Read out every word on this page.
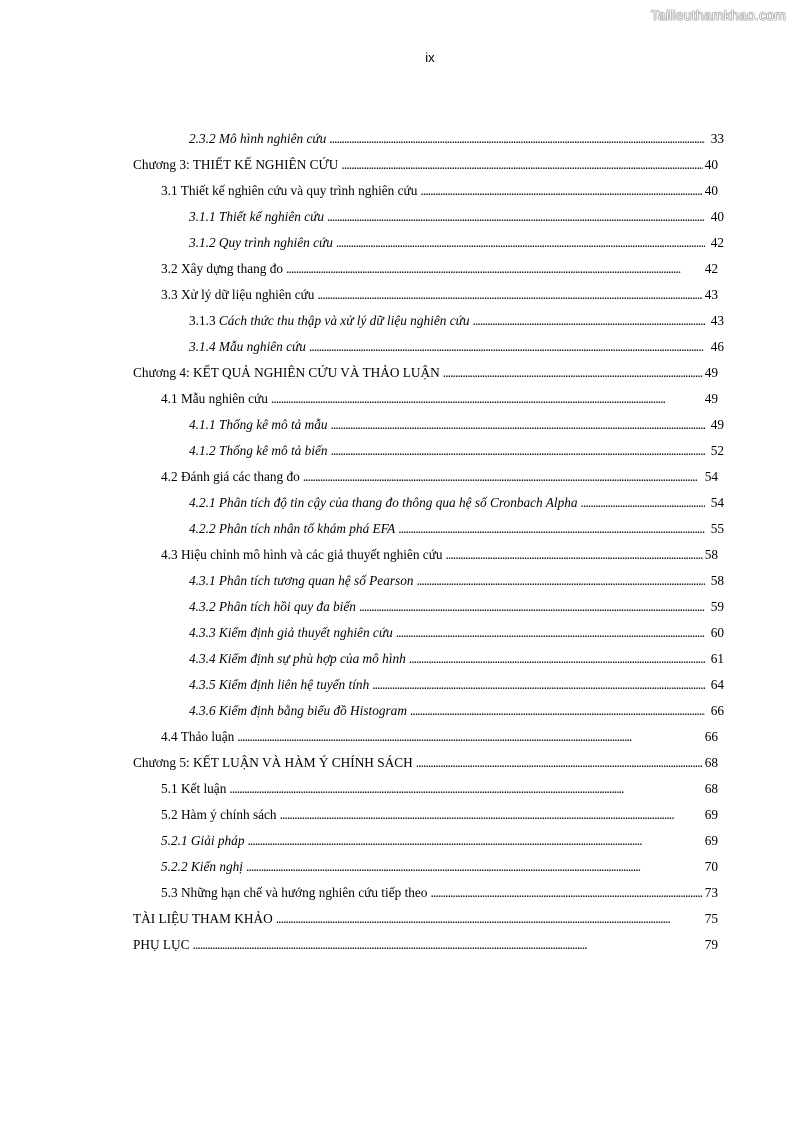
Tailieuthamkhao.com
ix
2.3.2 Mô hình nghiên cứu . . .	33
Chương 3: THIẾT KẾ NGHIÊN CỨU . . .	40
3.1 Thiết kế nghiên cứu và quy trình nghiên cứu . . .	40
3.1.1 Thiết kế nghiên cứu . . .	40
3.1.2 Quy trình nghiên cứu . . .	42
3.2 Xây dựng thang đo . . .	42
3.3 Xử lý dữ liệu nghiên cứu . . .	43
3.1.3 Cách thức thu thập và xử lý dữ liệu nghiên cứu . . .	43
3.1.4 Mẫu nghiên cứu . . .	46
Chương 4: KẾT QUẢ NGHIÊN CỨU VÀ THẢO LUẬN . . .	49
4.1 Mẫu nghiên cứu . . .	49
4.1.1 Thống kê mô tả mẫu . . .	49
4.1.2 Thống kê mô tả biến . . .	52
4.2 Đánh giá các thang đo . . .	54
4.2.1 Phân tích độ tin cậy của thang đo thông qua hệ số Cronbach Alpha . . .	54
4.2.2 Phân tích nhân tố khám phá EFA . . .	55
4.3 Hiệu chỉnh mô hình và các giả thuyết nghiên cứu . . .	58
4.3.1 Phân tích tương quan hệ số Pearson . . .	58
4.3.2 Phân tích hồi quy đa biến . . .	59
4.3.3 Kiểm định giả thuyết nghiên cứu . . .	60
4.3.4 Kiểm định sự phù hợp của mô hình . . .	61
4.3.5 Kiểm định liên hệ tuyến tính . . .	64
4.3.6 Kiểm định bằng biểu đồ Histogram . . .	66
4.4 Thảo luận . . .	66
Chương 5: KẾT LUẬN VÀ HÀM Ý CHÍNH SÁCH . . .	68
5.1 Kết luận . . .	68
5.2 Hàm ý chính sách . . .	69
5.2.1 Giải pháp . . .	69
5.2.2 Kiến nghị . . .	70
5.3 Những hạn chế và hướng nghiên cứu tiếp theo . . .	73
TÀI LIỆU THAM KHẢO . . .	75
PHỤ LỤC . . .	79
